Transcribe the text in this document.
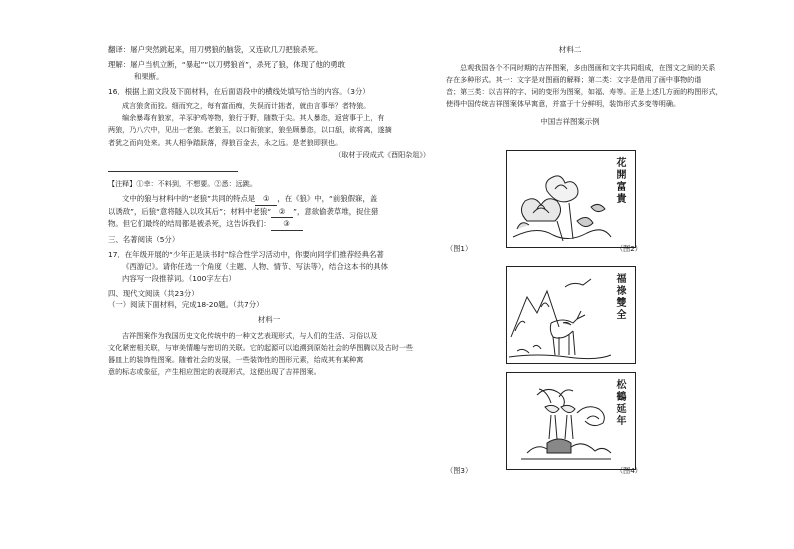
翻译：屠户突然跳起来，用刀劈狼的脑袋，又连砍几刀把狼杀死。
理解：屠户当机立断，“暴起”“以刀劈狼首”，杀死了狼，体现了他的勇敢
和果断。
16．根据上面文段及下面材料，在后面语段中的横线处填写恰当的内容。（3分）
成言狼贪而狡。细而究之，每有富而痴，失误而计拙者，就由言事举？者特狼。
编余暴毒有狼家，羊豕驴鸡等物，狼行于野，随数于尖。其人暴恣，返营事于上，有
两狼，乃八穴中，见出一老狼。老狼玉，以口衔狼家，狼坐顾暴恣，以口舐，欲将离，遂摘
者犹之而向处来。其人相争踏跃落，得狼百金去，永之远。是老狼即狈也。
（取材于段成式《酉阳杂俎》）
【注释】①幸：不料到，不想要。②悉：远跳。
文中的狼与材料中的“老狼”共同的特点是 ① ，在《狼》中，“前狼假寐，盖
以诱敌”，后狼“意将隧入以攻其后”；材料中老狼“ ② ”，意欲偷袭草堆，捉住猎
物。但它们最终的结局都是被杀死，这告诉我们： ③
三、名著阅读（5分）
17．在年级开展的“少年正是读书时”综合性学习活动中，你要向同学们推荐经典名著
《西游记》。请你任选一个角度（主题、人物、情节、写法等），结合这本书的具体
内容写一段推荐词。（100字左右）
四、现代文阅读（共23分）
（一）阅读下面材料，完成18-20题。（共7分）
材料一
吉祥图案作为我国历史文化传统中的一种文艺表现形式，与人们的生活、习俗以及
文化紧密相关联，与审美情趣与密切的关联。它的起源可以追溯到原始社会的华图腾以及古时一些
器皿上的装饰性图案。随着社会的发展，一些装饰性的图形元素，给成其有某种寓
意的标志或象征，产生相应图定的表现形式，这便出现了吉祥图案。
材料二
总观我国各个不同时期的吉祥图案，多由图画和文字共同组成，在图文之间的关系
存在多种形式。其一：文字是对图画的解释；第二类：文字是借用了画中事物的谐
音；第三类：以吉祥的字、词的变形为图案，如福、寿等。正是上述几方面的构图形式，
使得中国传统吉祥图案体早寓意，并富于十分鲜明，装饰形式多变等明确。
中国吉祥图案示例
花開富貴
（图1）	（图2）
福祿雙全
松鶴延年
（图3）	（图4）
